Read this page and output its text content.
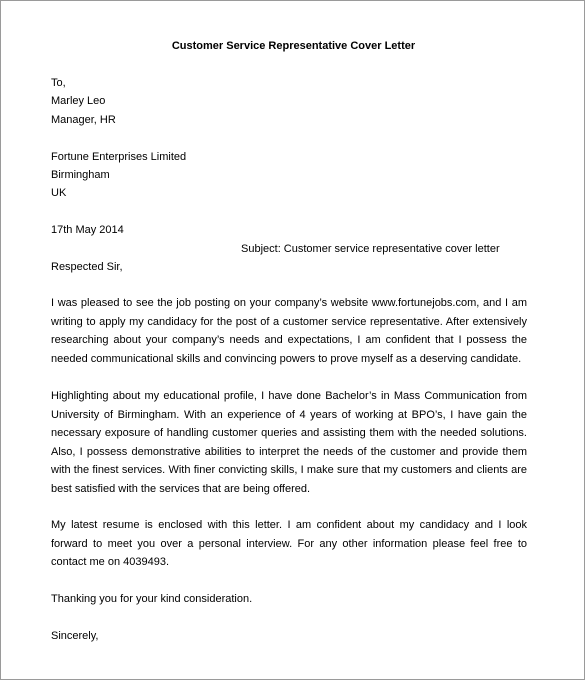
Customer Service Representative Cover Letter
To,
Marley Leo
Manager, HR
Fortune Enterprises Limited
Birmingham
UK
17th May 2014
Subject: Customer service representative cover letter
Respected Sir,
I was pleased to see the job posting on your company’s website www.fortunejobs.com, and I am writing to apply my candidacy for the post of a customer service representative. After extensively researching about your company’s needs and expectations, I am confident that I possess the needed communicational skills and convincing powers to prove myself as a deserving candidate.
Highlighting about my educational profile, I have done Bachelor’s in Mass Communication from University of Birmingham. With an experience of 4 years of working at BPO’s, I have gain the necessary exposure of handling customer queries and assisting them with the needed solutions. Also, I possess demonstrative abilities to interpret the needs of the customer and provide them with the finest services. With finer convicting skills, I make sure that my customers and clients are best satisfied with the services that are being offered.
My latest resume is enclosed with this letter. I am confident about my candidacy and I look forward to meet you over a personal interview. For any other information please feel free to contact me on 4039493.
Thanking you for your kind consideration.
Sincerely,
